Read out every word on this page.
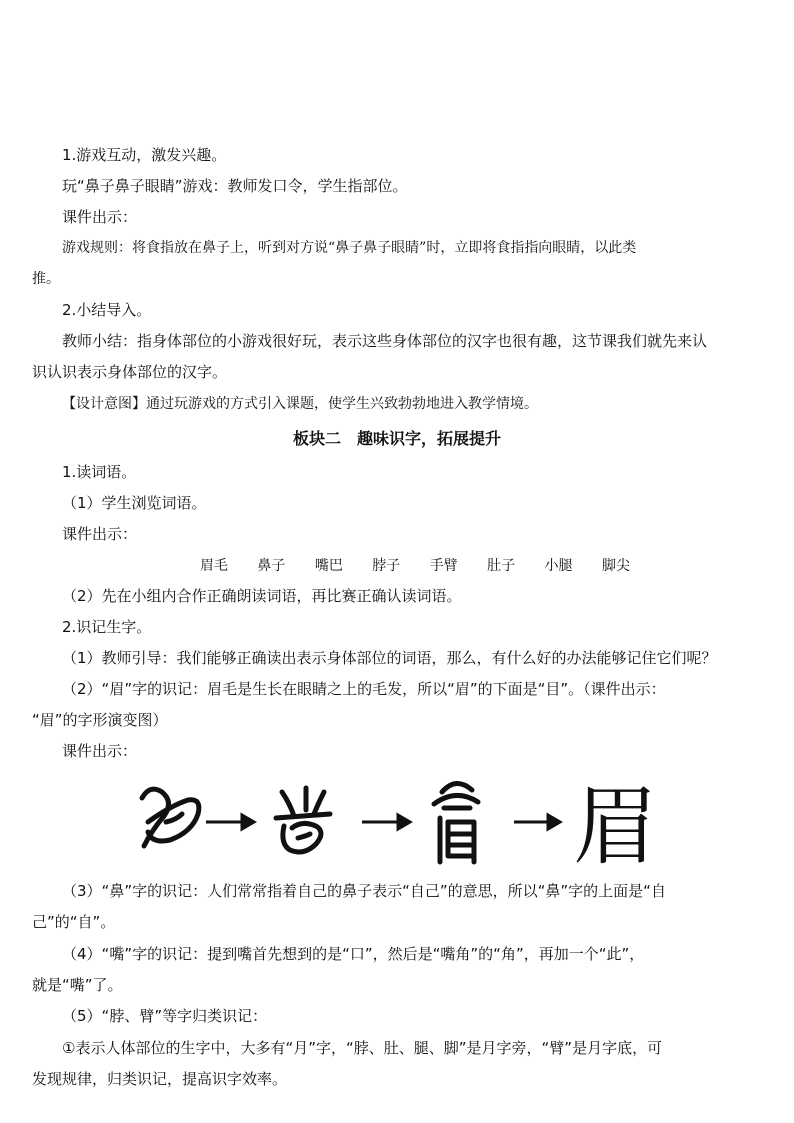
1.游戏互动，激发兴趣。
玩“鼻子鼻子眼睛”游戏：教师发口令，学生指部位。
课件出示：
游戏规则：将食指放在鼻子上，听到对方说“鼻子鼻子眼睛”时，立即将食指指向眼睛，以此类
推。
2.小结导入。
教师小结：指身体部位的小游戏很好玩，表示这些身体部位的汉字也很有趣，这节课我们就先来认
识认识表示身体部位的汉字。
【设计意图】通过玩游戏的方式引入课题，使学生兴致勃勃地进入教学情境。
板块二　趣味识字，拓展提升
1.读词语。
（1）学生浏览词语。
课件出示：
眉毛 鼻子 嘴巴 脖子 手臂 肚子 小腿 脚尖
（2）先在小组内合作正确朗读词语，再比赛正确认读词语。
2.识记生字。
（1）教师引导：我们能够正确读出表示身体部位的词语，那么，有什么好的办法能够记住它们呢？
（2）“眉”字的识记：眉毛是生长在眼睛之上的毛发，所以“眉”的下面是“目”。（课件出示：
“眉”的字形演变图）
课件出示：
眉
（3）“鼻”字的识记：人们常常指着自己的鼻子表示“自己”的意思，所以“鼻”字的上面是“自
己”的“自”。
（4）“嘴”字的识记：提到嘴首先想到的是“口”，然后是“嘴角”的“角”，再加一个“此”，
就是“嘴”了。
（5）“脖、臂”等字归类识记：
①表示人体部位的生字中，大多有“月”字，“脖、肚、腿、脚”是月字旁，“臂”是月字底，可
发现规律，归类识记，提高识字效率。
